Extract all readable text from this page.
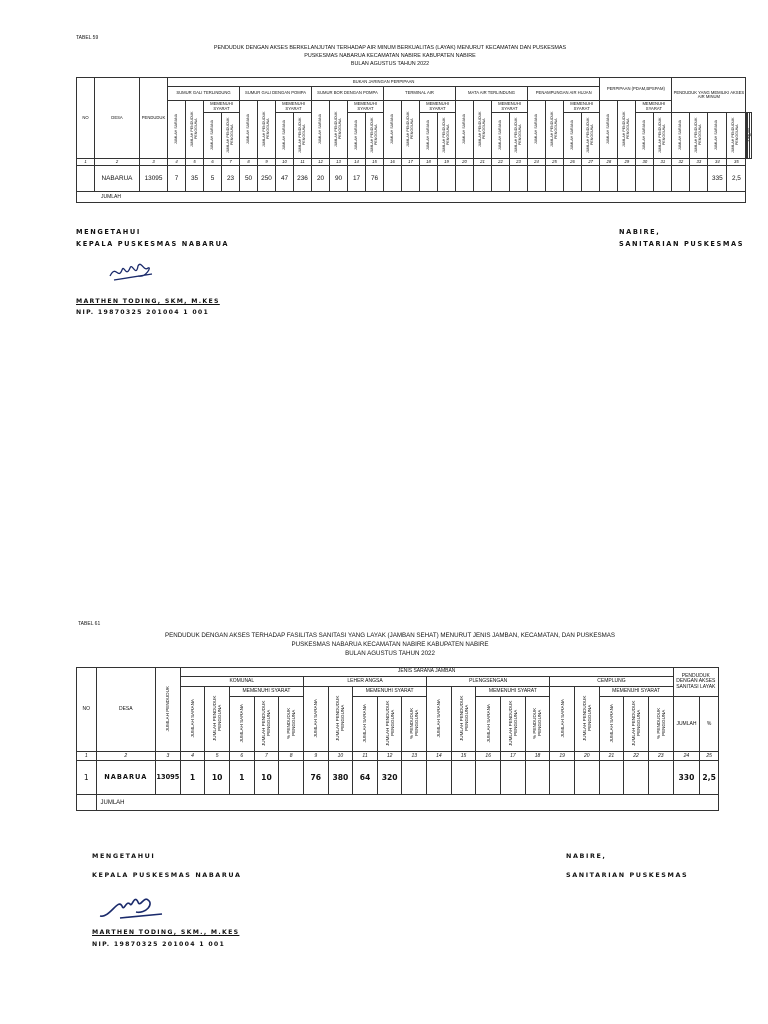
TABEL 59
PENDUDUK DENGAN AKSES BERKELANJUTAN TERHADAP AIR MINUM BERKUALITAS (LAYAK) MENURUT KECAMATAN DAN PUSKESMAS
PUSKESMAS NABARUA KECAMATAN NABIRE KABUPATEN NABIRE
BULAN AGUSTUS TAHUN 2022
NO	DESA	PENDUDUK	BUKAN JARINGAN PERPIPAAN																								PERPIPAAN (PDAM,BPSPAM)				PENDUDUK YANG MEMILIKI AKSES AIR MINUM						
			SUMUR GALI TERLINDUNG				SUMUR GALI DENGAN POMPA				SUMUR BOR DENGAN POMPA				TERMINAL AIR				MATA AIR TERLINDUNG				PENAMPUNGAN AIR HUJAN														
			JUMLAH SARANA	JUMLAH PENDUDUK PENGGUNA	MEMENUHI SYARAT		JUMLAH SARANA	JUMLAH PENDUDUK PENGGUNA	MEMENUHI SYARAT		JUMLAH SARANA	JUMLAH PENDUDUK PENGGUNA	MEMENUHI SYARAT		JUMLAH SARANA	JUMLAH PENDUDUK PENGGUNA	MEMENUHI SYARAT		JUMLAH SARANA	JUMLAH PENDUDUK PENGGUNA	MEMENUHI SYARAT		JUMLAH SARANA	JUMLAH PENDUDUK PENGGUNA	MEMENUHI SYARAT		JUMLAH SARANA	JUMLAH PENDUDUK PENGGUNA	MEMENUHI SYARAT								
					JUMLAH SARANA	JUMLAH PENDUDUK PENGGUNA			JUMLAH SARANA	JUMLAH PENDUDUK PENGGUNA			JUMLAH SARANA	JUMLAH PENDUDUK PENGGUNA			JUMLAH SARANA	JUMLAH PENDUDUK PENGGUNA			JUMLAH SARANA	JUMLAH PENDUDUK PENGGUNA			JUMLAH SARANA	JUMLAH PENDUDUK PENGGUNA			JUMLAH SARANA	JUMLAH PENDUDUK PENGGUNA	JUMLAH SARANA	JUMLAH PENDUDUK PENGGUNA	JUMLAH SARANA	JUMLAH PENDUDUK PENGGUNA				
1	2	3	4	5	6	7	8	9	10	11	12	13	14	15	16	17	18	19	20	21	22	23	24	25	26	27	28	29	30	31	32	33	34	35			
	NABARUA	13095	7	35	5	23	50	250	47	236	20	90	17	76																			335	2,5			
JUMLAH																																					
MENGETAHUI
KEPALA PUSKESMAS NABARUA
MARTHEN TODING, SKM, M.KES
NIP. 19870325 201004 1 001
NABIRE,
SANITARIAN PUSKESMAS
TABEL 61
PENDUDUK DENGAN AKSES TERHADAP FASILITAS SANITASI YANG LAYAK (JAMBAN SEHAT) MENURUT JENIS JAMBAN, KECAMATAN, DAN PUSKESMAS
PUSKESMAS NABARUA KECAMATAN NABIRE KABUPATEN NABIRE
BULAN AGUSTUS TAHUN 2022
NO	DESA	JUMLAH PENDUDUK	JENIS SARANA JAMBAN																				PENDUDUK DENGAN AKSES SANITASI LAYAK	
			KOMUNAL					LEHER ANGSA					PLENGSENGAN					CEMPLUNG						
			JUMLAH SARANA	JUMLAH PENDUDUK PENGGUNA	MEMENUHI SYARAT			JUMLAH SARANA	JUMLAH PENDUDUK PENGGUNA	MEMENUHI SYARAT			JUMLAH SARANA	JUMLAH PENDUDUK PENGGUNA	MEMENUHI SYARAT			JUMLAH SARANA	JUMLAH PENDUDUK PENGGUNA	MEMENUHI SYARAT				
					JUMLAH SARANA	JUMLAH PENDUDUK PENGGUNA	% PENDUDUK PENGGUNA			JUMLAH SARANA	JUMLAH PENDUDUK PENGGUNA	% PENDUDUK PENGGUNA			JUMLAH SARANA	JUMLAH PENDUDUK PENGGUNA	% PENDUDUK PENGGUNA			JUMLAH SARANA	JUMLAH PENDUDUK PENGGUNA	% PENDUDUK PENGGUNA	JUMLAH	%
1	2	3	4	5	6	7	8	9	10	11	12	13	14	15	16	17	18	19	20	21	22	23	24	25
1	NABARUA	13095	1	10	1	10		76	380	64	320												330	2,5
	JUMLAH																							
MENGETAHUI
KEPALA PUSKESMAS NABARUA
MARTHEN TODING, SKM., M.KES
NIP. 19870325 201004 1 001
NABIRE,
SANITARIAN PUSKESMAS
